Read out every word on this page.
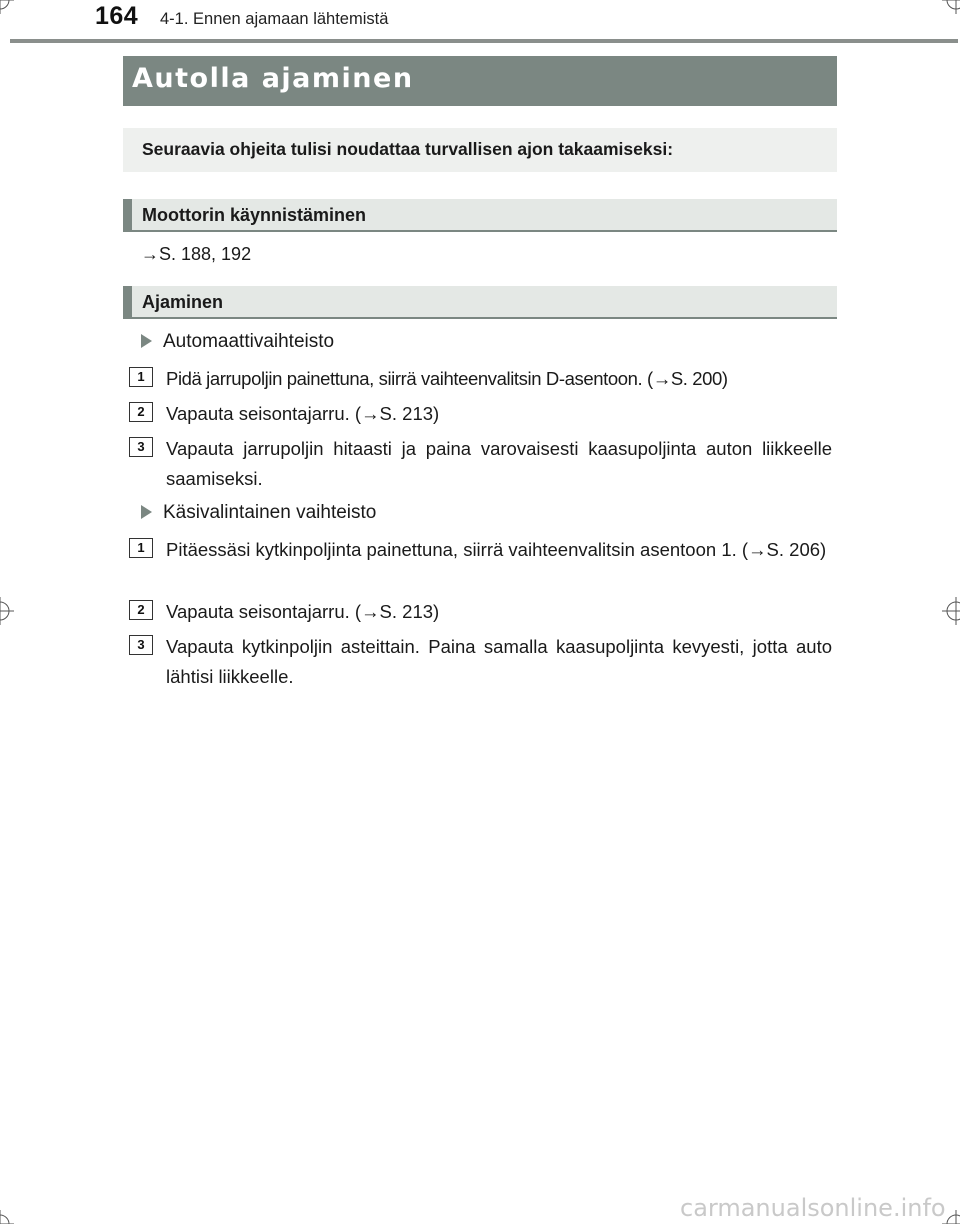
164 4-1. Ennen ajamaan lähtemistä
Autolla ajaminen
Seuraavia ohjeita tulisi noudattaa turvallisen ajon takaamiseksi:
Moottorin käynnistäminen
→S. 188, 192
Ajaminen
Automaattivaihteisto
1	Pidä jarrupoljin painettuna, siirrä vaihteenvalitsin D-asentoon. (→S. 200)
2	Vapauta seisontajarru. (→S. 213)
3	Vapauta jarrupoljin hitaasti ja paina varovaisesti kaasupoljinta auton liikkeelle saamiseksi.
Käsivalintainen vaihteisto
1	Pitäessäsi kytkinpoljinta painettuna, siirrä vaihteenvalitsin asentoon 1. (→S. 206)
2	Vapauta seisontajarru. (→S. 213)
3	Vapauta kytkinpoljin asteittain. Paina samalla kaasupoljinta kevyesti, jotta auto lähtisi liikkeelle.
carmanualsonline.info
